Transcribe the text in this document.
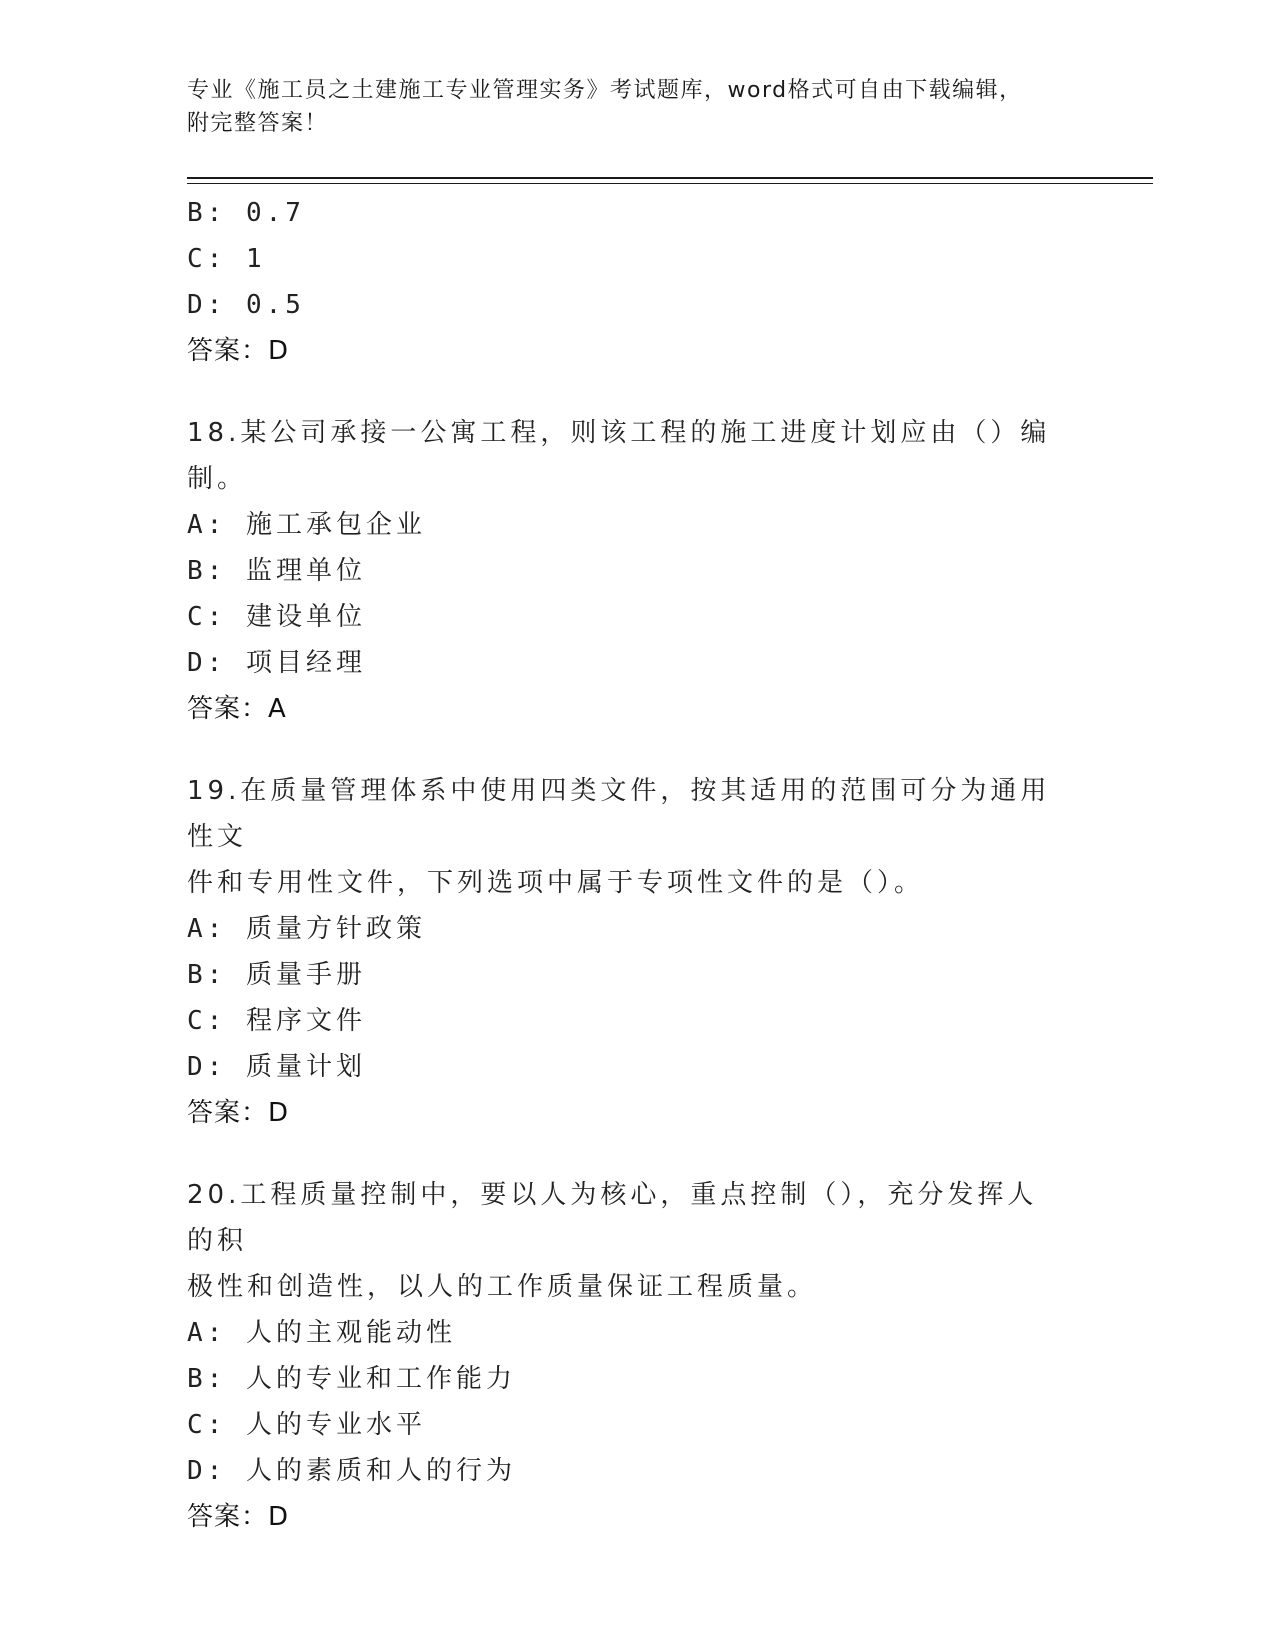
专业《施工员之土建施工专业管理实务》考试题库，word格式可自由下载编辑，
附完整答案！
B: 0.7
C: 1
D: 0.5
答案：D
18.某公司承接一公寓工程，则该工程的施工进度计划应由（）编制。
A: 施工承包企业
B: 监理单位
C: 建设单位
D: 项目经理
答案：A
19.在质量管理体系中使用四类文件，按其适用的范围可分为通用性文
件和专用性文件，下列选项中属于专项性文件的是（）。
A: 质量方针政策
B: 质量手册
C: 程序文件
D: 质量计划
答案：D
20.工程质量控制中，要以人为核心，重点控制（），充分发挥人的积
极性和创造性，以人的工作质量保证工程质量。
A: 人的主观能动性
B: 人的专业和工作能力
C: 人的专业水平
D: 人的素质和人的行为
答案：D
